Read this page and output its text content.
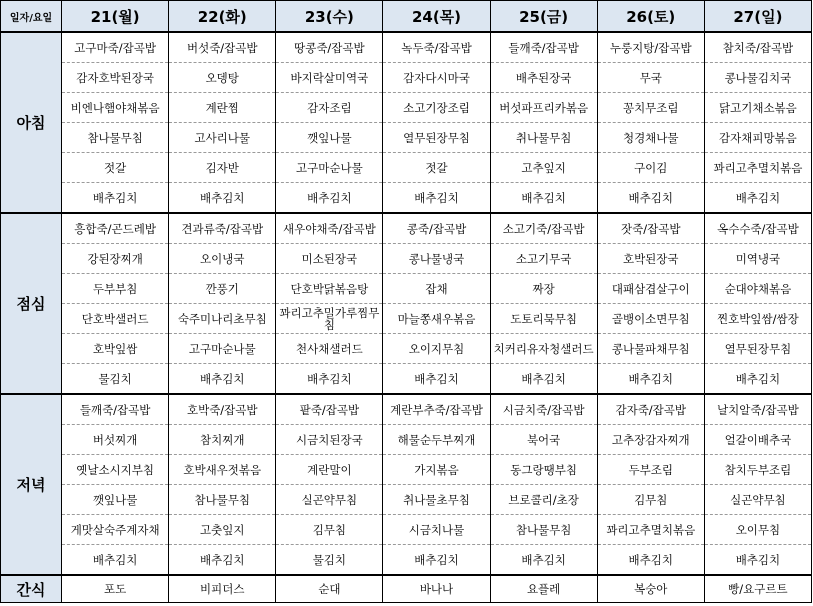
일자/요일	21(월)	22(화)	23(수)	24(목)	25(금)	26(토)	27(일)
아침	고구마죽/잡곡밥	버섯죽/잡곡밥	땅콩죽/잡곡밥	녹두죽/잡곡밥	들깨죽/잡곡밥	누룽지탕/잡곡밥	참치죽/잡곡밥
	감자호박된장국	오뎅탕	바지락살미역국	감자다시마국	배추된장국	무국	콩나물김치국
	비엔나햄야채볶음	계란찜	감자조림	소고기장조림	버섯파프리카볶음	꽁치무조림	닭고기채소볶음
	참나물무침	고사리나물	깻잎나물	열무된장무침	취나물무침	청경채나물	감자채피망볶음
	젓갈	김자반	고구마순나물	젓갈	고추잎지	구이김	꽈리고추멸치볶음
	배추김치	배추김치	배추김치	배추김치	배추김치	배추김치	배추김치
점심	흥합죽/곤드레밥	견과류죽/잡곡밥	새우야채죽/잡곡밥	콩죽/잡곡밥	소고기죽/잡곡밥	잣죽/잡곡밥	옥수수죽/잡곡밥
	강된장찌개	오이냉국	미소된장국	콩나물냉국	소고기무국	호박된장국	미역냉국
	두부부침	깐풍기	단호박닭볶음탕	잡채	짜장	대패삼겹살구이	순대야채볶음
	단호박샐러드	숙주미나리초무침	꽈리고추밀가루찜무침	마늘쫑새우볶음	도토리묵무침	골뱅이소면무침	찐호박잎쌈/쌈장
	호박잎쌈	고구마순나물	천사채샐러드	오이지무침	치커리유자청샐러드	콩나물파채무침	열무된장무침
	물김치	배추김치	배추김치	배추김치	배추김치	배추김치	배추김치
저녁	들깨죽/잡곡밥	호박죽/잡곡밥	팥죽/잡곡밥	계란부추죽/잡곡밥	시금치죽/잡곡밥	감자죽/잡곡밥	날치알죽/잡곡밥
	버섯찌개	참치찌개	시금치된장국	해물순두부찌개	북어국	고추장감자찌개	얼갈이배추국
	옛날소시지부침	호박새우젓볶음	계란말이	가지볶음	동그랑땡부침	두부조림	참치두부조림
	깻잎나물	참나물무침	실곤약무침	취나물초무침	브로콜리/초장	김무침	실곤약무침
	게맛살숙주계자채	고춧잎지	김무침	시금치나물	참나물무침	꽈리고추멸치볶음	오이무침
	배추김치	배추김치	물김치	배추김치	배추김치	배추김치	배추김치
간식	포도	비피더스	순대	바나나	요플레	복숭아	빵/요구르트
